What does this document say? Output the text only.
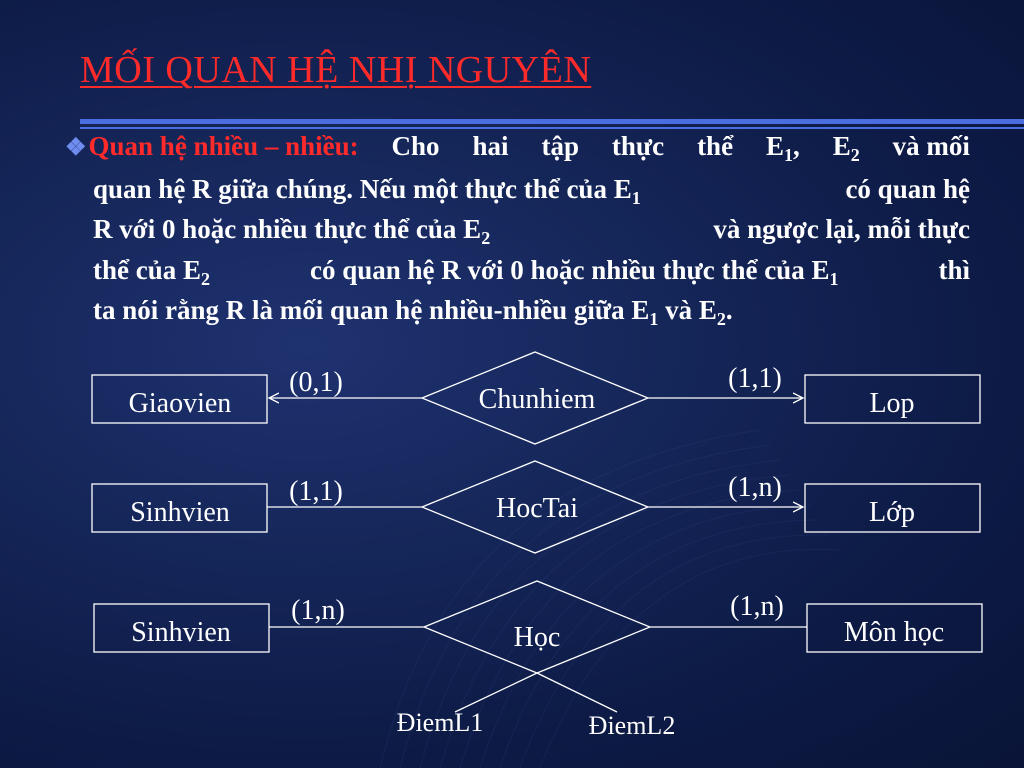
MỐI QUAN HỆ NHỊ NGUYÊN
❖Quan hệ nhiều – nhiều: Cho hai tập thực thể $E_1$, $E_2$ và mối
quan hệ R giữa chúng. Nếu một thực thể của $E_1$	có quan hệ
R với 0 hoặc nhiều thực thể của $E_2$	và ngược lại, mỗi thực
thể của $E_2$	có quan hệ R với 0 hoặc nhiều thực thể của $E_1$	thì
ta nói rằng R là mối quan hệ nhiều-nhiều giữa $E_1$ và $E_2$.
Giaovien	Chunhiem	Lop
(0,1)	(1,1)
Sinhvien	HocTai	Lớp
(1,1)	(1,n)
Sinhvien	Học	Môn học
(1,n)	(1,n)
ĐiemL1	ĐiemL2
